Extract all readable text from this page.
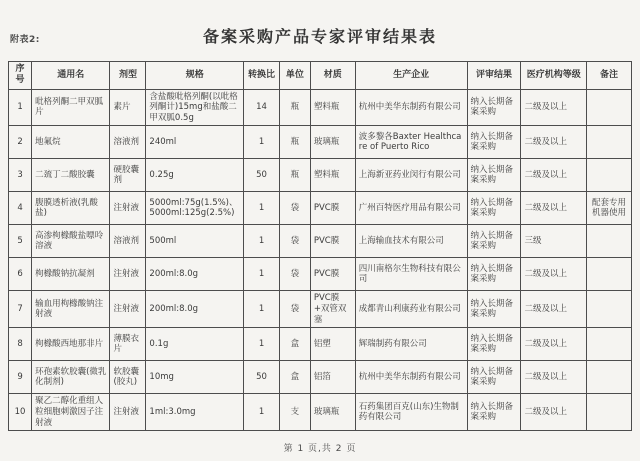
附表2:	备案采购产品专家评审结果表
序号	通用名	剂型	规格	转换比	单位	材质	生产企业	评审结果	医疗机构等级	备注
1	吡格列酮二甲双胍片	素片	含盐酸吡格列酮(以吡格列酮计)15mg和盐酸二甲双胍0.5g	14	瓶	塑料瓶	杭州中美华东制药有限公司	纳入长期备案采购	二级及以上	
2	地氟烷	溶液剂	240ml	1	瓶	玻璃瓶	波多黎各Baxter Healthcare of Puerto Rico	纳入长期备案采购	二级及以上	
3	二巯丁二酸胶囊	硬胶囊剂	0.25g	50	瓶	塑料瓶	上海新亚药业闵行有限公司	纳入长期备案采购	二级及以上	
4	腹膜透析液(乳酸盐)	注射液	5000ml:75g(1.5%)、5000ml:125g(2.5%)	1	袋	PVC膜	广州百特医疗用品有限公司	纳入长期备案采购	二级及以上	配套专用机器使用
5	高渗枸橼酸盐嘌呤溶液	溶液剂	500ml	1	袋	PVC膜	上海输血技术有限公司	纳入长期备案采购	三级	
6	枸橼酸钠抗凝剂	注射液	200ml:8.0g	1	袋	PVC膜	四川南格尔生物科技有限公司	纳入长期备案采购	二级及以上	
7	输血用枸橼酸钠注射液	注射液	200ml:8.0g	1	袋	PVC膜+双管双塞	成都青山利康药业有限公司	纳入长期备案采购	二级及以上	
8	枸橼酸西地那非片	薄膜衣片	0.1g	1	盒	铝塑	辉瑞制药有限公司	纳入长期备案采购	二级及以上	
9	环孢素软胶囊(微乳化制剂)	软胶囊(胶丸)	10mg	50	盒	铝箔	杭州中美华东制药有限公司	纳入长期备案采购	二级及以上	
10	聚乙二醇化重组人粒细胞刺激因子注射液	注射液	1ml:3.0mg	1	支	玻璃瓶	石药集团百克(山东)生物制药有限公司	纳入长期备案采购	二级及以上	
第 1 页,共 2 页
